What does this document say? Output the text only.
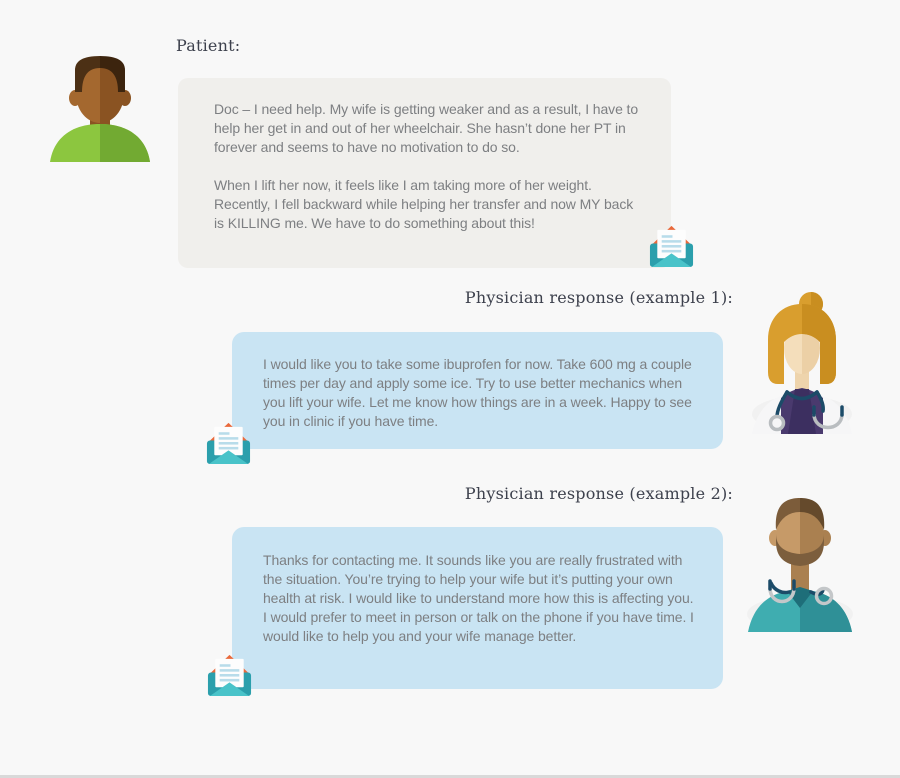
Patient:

Doc – I need help. My wife is getting weaker and as a result, I have to help her get in and out of her wheelchair. She hasn’t done her PT in forever and seems to have no motivation to do so.

When I lift her now, it feels like I am taking more of her weight. Recently, I fell backward while helping her transfer and now MY back is KILLING me. We have to do something about this!

Physician response (example 1):

I would like you to take some ibuprofen for now. Take 600 mg a couple times per day and apply some ice. Try to use better mechanics when you lift your wife. Let me know how things are in a week. Happy to see you in clinic if you have time.

Physician response (example 2):

Thanks for contacting me. It sounds like you are really frustrated with the situation. You’re trying to help your wife but it’s putting your own health at risk. I would like to understand more how this is affecting you. I would prefer to meet in person or talk on the phone if you have time. I would like to help you and your wife manage better.
